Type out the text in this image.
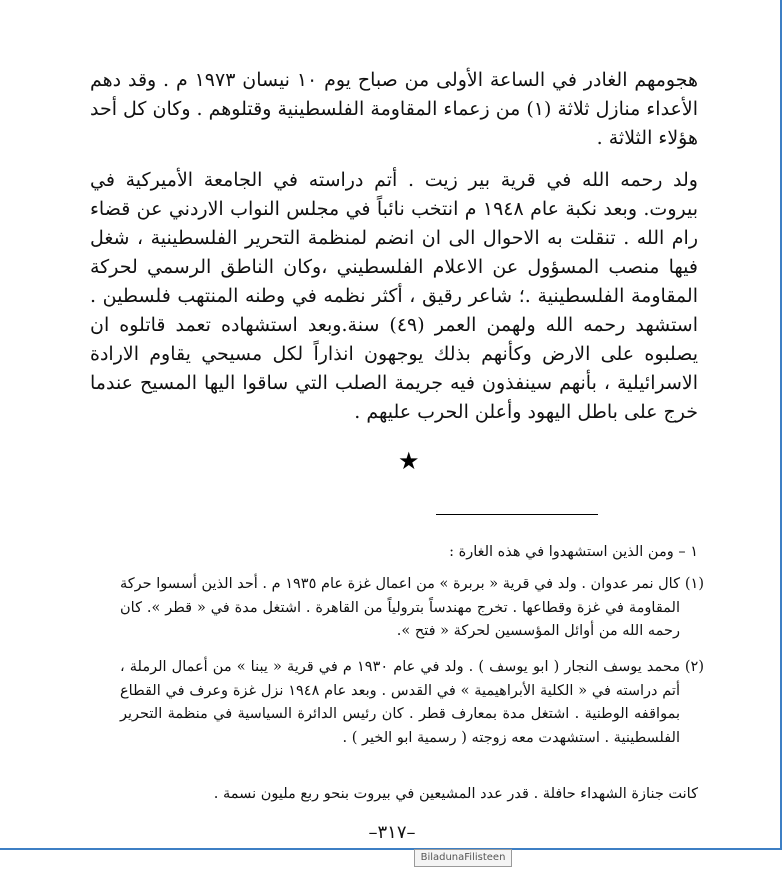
هجومهم الغادر في الساعة الأولى من صباح يوم ١٠ نيسان ١٩٧٣ م . وقد دهم الأعداء منازل ثلاثة (١) من زعماء المقاومة الفلسطينية وقتلوهم . وكان كل أحد هؤلاء الثلاثة .

ولد رحمه الله في قرية بير زيت . أتم دراسته في الجامعة الأميركية في بيروت. وبعد نكبة عام ١٩٤٨ م انتخب نائباً في مجلس النواب الاردني عن قضاء رام الله . تنقلت به الاحوال الى ان انضم لمنظمة التحرير الفلسطينية ، شغل فيها منصب المسؤول عن الاعلام الفلسطيني ،وكان الناطق الرسمي لحركة المقاومة الفلسطينية .؛ شاعر رقيق ، أكثر نظمه في وطنه المنتهب فلسطين . استشهد رحمه الله ولهمن العمر (٤٩) سنة.وبعد استشهاده تعمد قاتلوه ان يصلبوه على الارض وكأنهم بذلك يوجهون انذاراً لكل مسيحي يقاوم الارادة الاسرائيلية ، بأنهم سينفذون فيه جريمة الصلب التي ساقوا اليها المسيح عندما خرج على باطل اليهود وأعلن الحرب عليهم .

★

١ – ومن الذين استشهدوا في هذه الغارة :

(١)
كال نمر عدوان . ولد في قرية « بربرة » من اعمال غزة عام ١٩٣٥ م . أحد الذين أسسوا حركة المقاومة في غزة وقطاعها . تخرج مهندساً بترولياً من القاهرة . اشتغل مدة في « قطر ». كان رحمه الله من أوائل المؤسسين لحركة « فتح ».
(٢)
محمد يوسف النجار ( ابو يوسف ) . ولد في عام ١٩٣٠ م في قرية « يبنا » من أعمال الرملة ، أتم دراسته في « الكلية الأبراهيمية » في القدس . وبعد عام ١٩٤٨ نزل غزة وعرف في القطاع بمواقفه الوطنية . اشتغل مدة بمعارف قطر . كان رئيس الدائرة السياسية في منظمة التحرير الفلسطينية . استشهدت معه زوجته ( رسمية ابو الخير ) .

كانت جنازة الشهداء حافلة . قدر عدد المشيعين في بيروت بنحو ربع مليون نسمة .

–٣١٧–
BiladunaFilisteen
